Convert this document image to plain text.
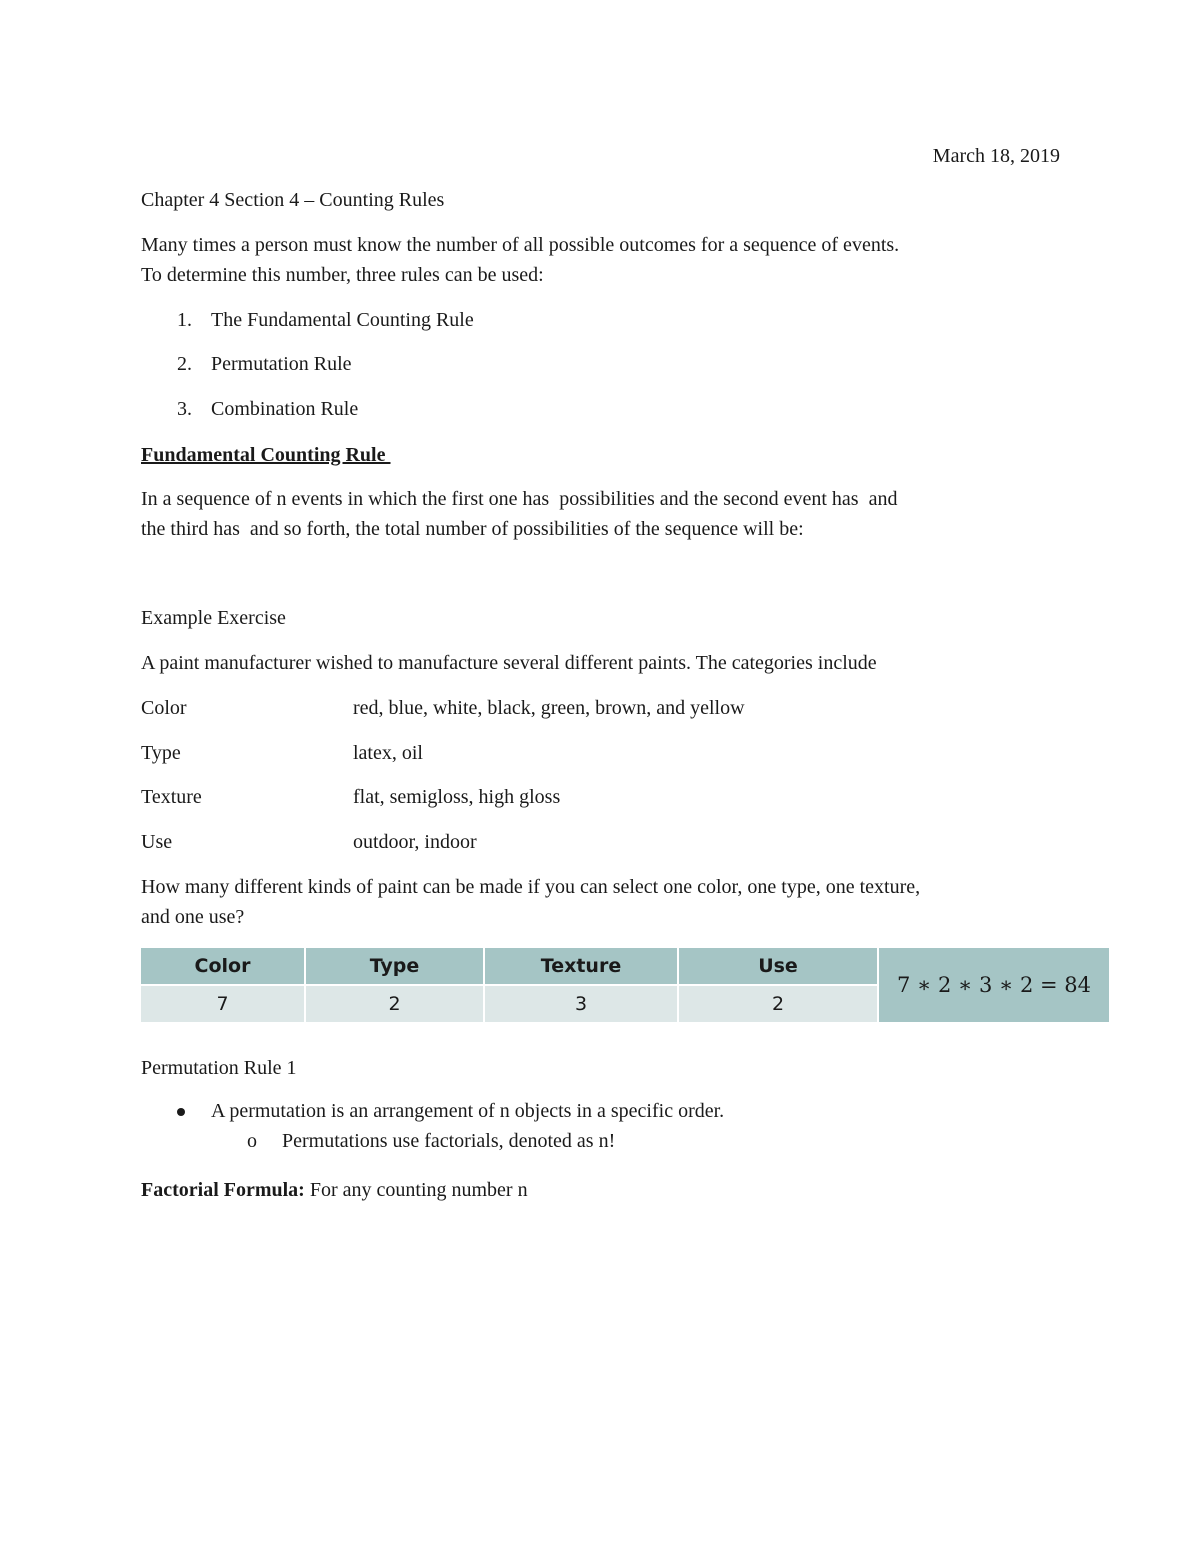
March 18, 2019
Chapter 4 Section 4 – Counting Rules
Many times a person must know the number of all possible outcomes for a sequence of events.
To determine this number, three rules can be used:
1. The Fundamental Counting Rule
2. Permutation Rule
3. Combination Rule
Fundamental Counting Rule
In a sequence of n events in which the first one has  possibilities and the second event has  and
the third has  and so forth, the total number of possibilities of the sequence will be:
Example Exercise
A paint manufacturer wished to manufacture several different paints. The categories include
Color	red, blue, white, black, green, brown, and yellow
Type	latex, oil
Texture	flat, semigloss, high gloss
Use	outdoor, indoor
How many different kinds of paint can be made if you can select one color, one type, one texture,
and one use?
Color	Type	Texture	Use	7 ∗ 2 ∗ 3 ∗ 2 = 84
7	2	3	2	
Permutation Rule 1
A permutation is an arrangement of n objects in a specific order.
o Permutations use factorials, denoted as n!
Factorial Formula: For any counting number n
